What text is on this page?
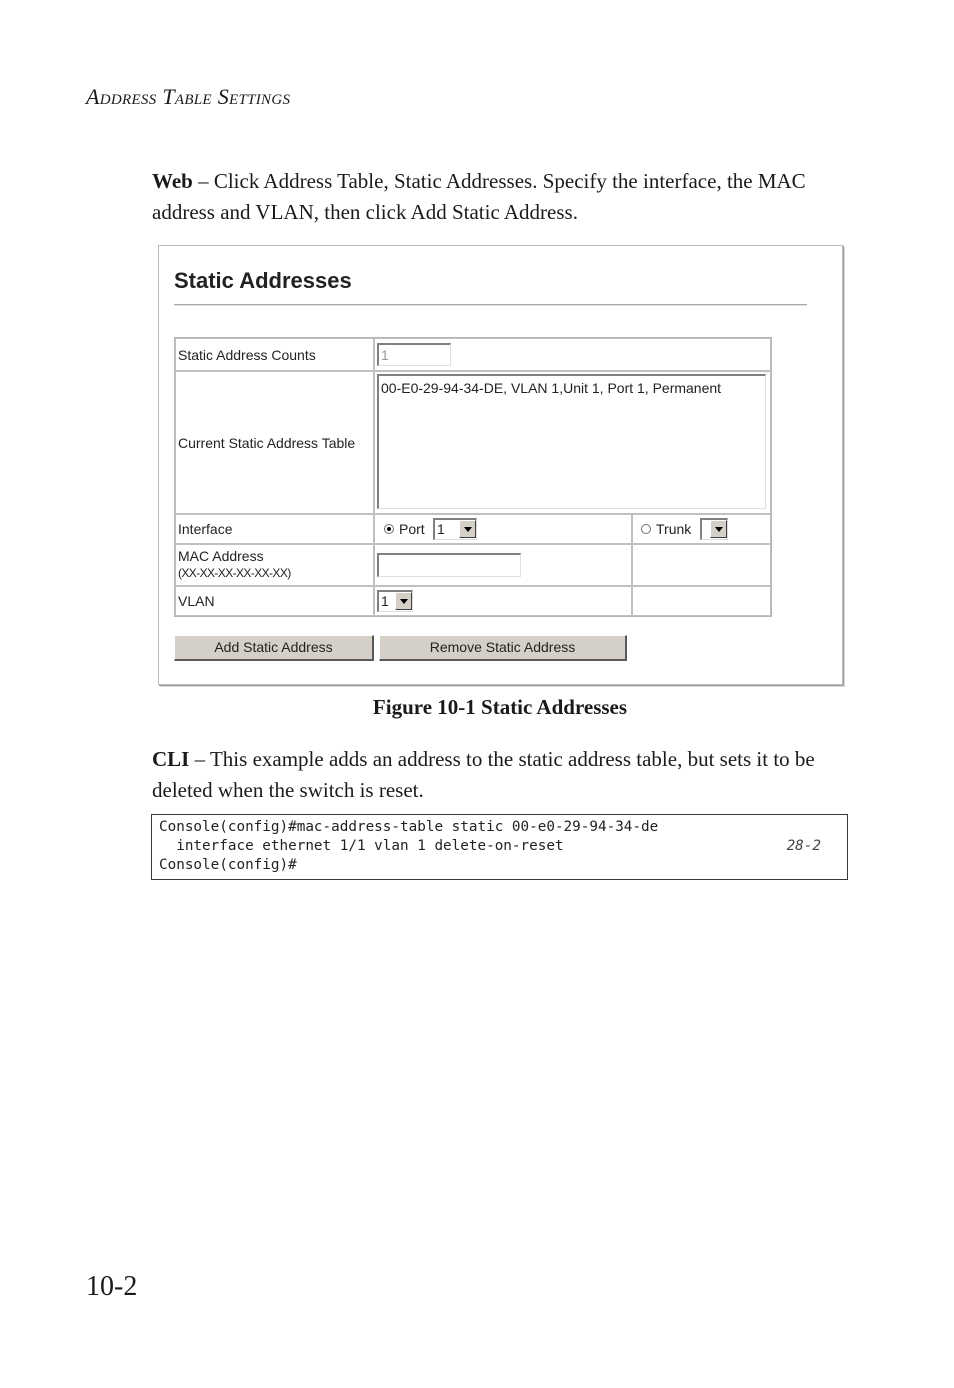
Address Table Settings
Web – Click Address Table, Static Addresses. Specify the interface, the MAC address and VLAN, then click Add Static Address.
Static Addresses
Static Address Counts	1
Current Static Address Table
00-E0-29-94-34-DE, VLAN 1,Unit 1, Port 1, Permanent
Interface	Port 1	Trunk
MAC Address
(XX-XX-XX-XX-XX-XX)
VLAN	1
Add Static Address	Remove Static Address
Figure 10-1 Static Addresses
CLI – This example adds an address to the static address table, but sets it to be deleted when the switch is reset.
Console(config)#mac-address-table static 00-e0-29-94-34-de
interface ethernet 1/1 vlan 1 delete-on-reset
Console(config)#
28-2
10-2
